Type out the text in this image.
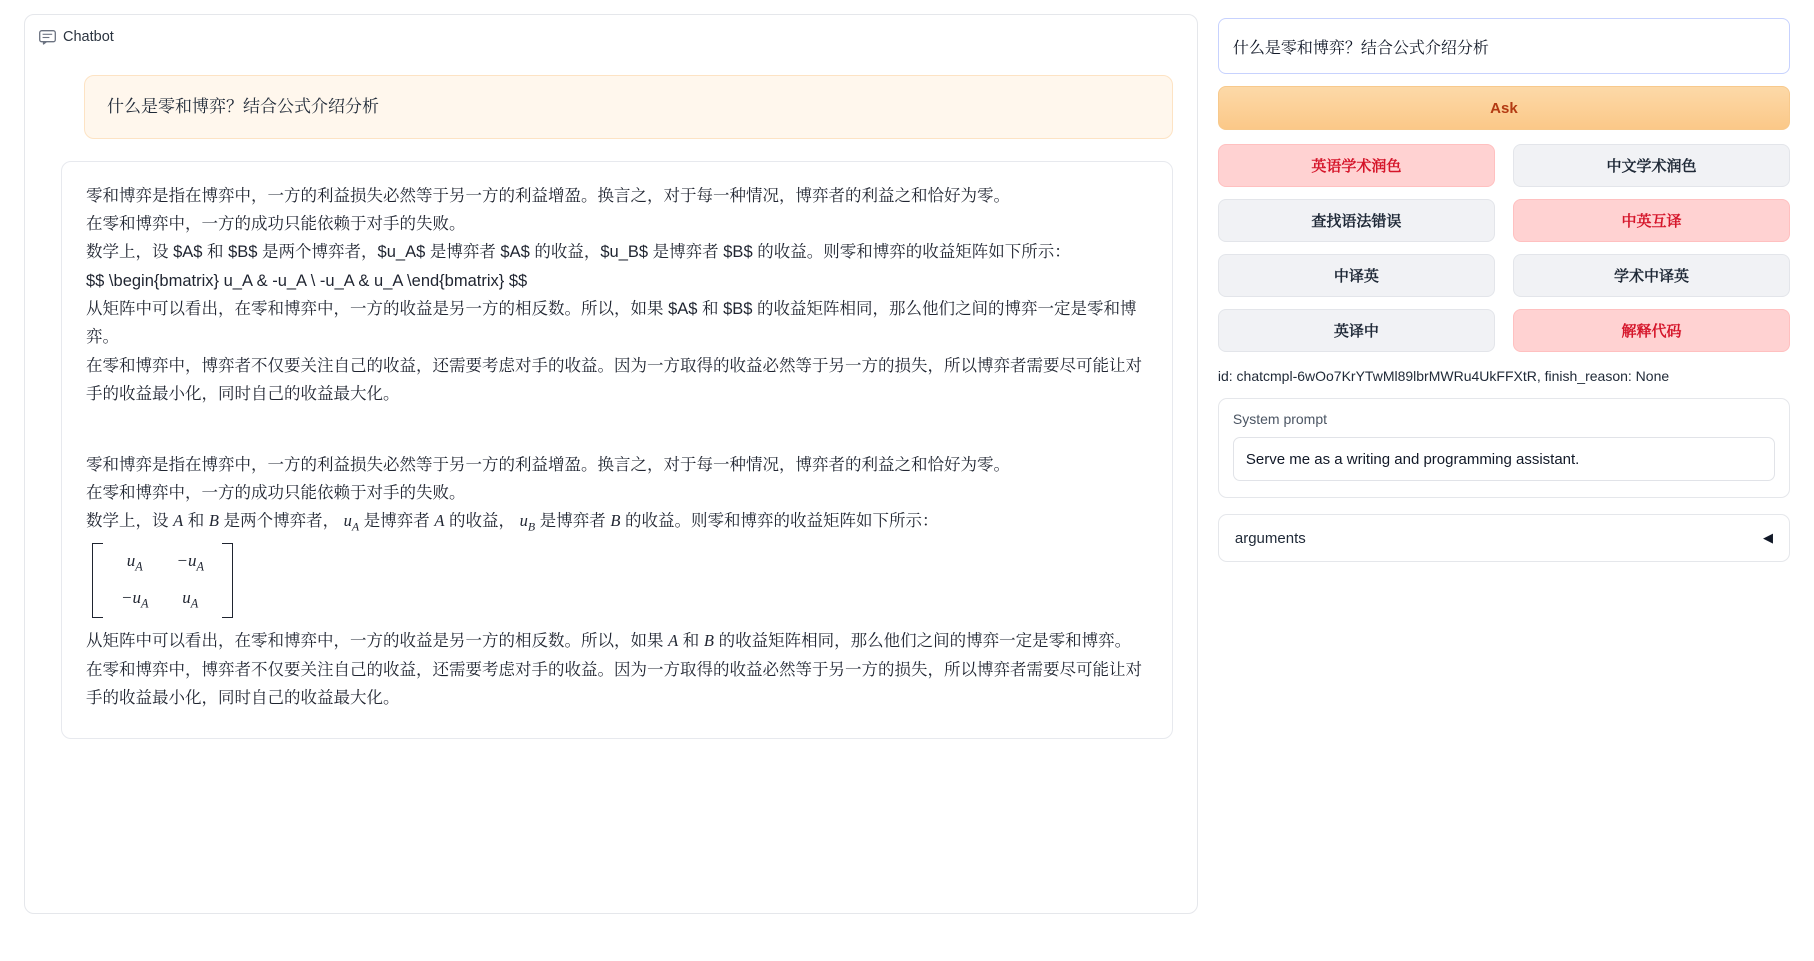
Chatbot
什么是零和博弈？结合公式介绍分析

零和博弈是指在博弈中，一方的利益损失必然等于另一方的利益增盈。换言之，对于每一种情况，博弈者的利益之和恰好为零。

在零和博弈中，一方的成功只能依赖于对手的失败。

数学上，设 $A$ 和 $B$ 是两个博弈者，$u_A$ 是博弈者 $A$ 的收益，$u_B$ 是博弈者 $B$ 的收益。则零和博弈的收益矩阵如下所示：

$$ \begin{bmatrix} u_A & -u_A \ -u_A & u_A \end{bmatrix} $$

从矩阵中可以看出，在零和博弈中，一方的收益是另一方的相反数。所以，如果 $A$ 和 $B$ 的收益矩阵相同，那么他们之间的博弈一定是零和博弈。

在零和博弈中，博弈者不仅要关注自己的收益，还需要考虑对手的收益。因为一方取得的收益必然等于另一方的损失，所以博弈者需要尽可能让对手的收益最小化，同时自己的收益最大化。

零和博弈是指在博弈中，一方的利益损失必然等于另一方的利益增盈。换言之，对于每一种情况，博弈者的利益之和恰好为零。

在零和博弈中，一方的成功只能依赖于对手的失败。

数学上，设 A 和 B 是两个博弈者， $u_A$ 是博弈者 A 的收益， $u_B$ 是博弈者 B 的收益。则零和博弈的收益矩阵如下所示：

$u_A$	$-u_A$
$-u_A$	$u_A$

从矩阵中可以看出，在零和博弈中，一方的收益是另一方的相反数。所以，如果 A 和 B 的收益矩阵相同，那么他们之间的博弈一定是零和博弈。

在零和博弈中，博弈者不仅要关注自己的收益，还需要考虑对手的收益。因为一方取得的收益必然等于另一方的损失，所以博弈者需要尽可能让对手的收益最小化，同时自己的收益最大化。

什么是零和博弈？结合公式介绍分析
Ask
英语学术润色	中文学术润色
查找语法错误	中英互译
中译英	学术中译英
英译中	解释代码
id: chatcmpl-6wOo7KrYTwMl89lbrMWRu4UkFFXtR, finish_reason: None
System prompt
Serve me as a writing and programming assistant.
arguments	◀
